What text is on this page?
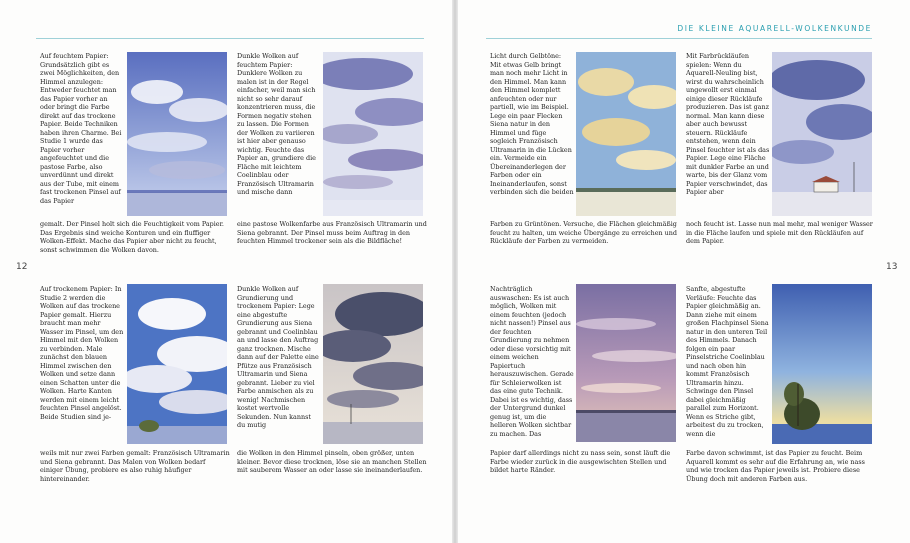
DIE KLEINE AQUARELL-WOLKENKUNDE
12	13
Auf feuchtem Papier: Grundsätzlich gibt es zwei Möglichkeiten, den Himmel anzulegen: Entweder feuchtet man das Papier vorher an oder bringt die Farbe direkt auf das trockene Papier. Beide Techniken haben ihren Charme. Bei Studie 1 wurde das Papier vorher angefeuchtet und die pastose Farbe, also unverdünnt und direkt aus der Tube, mit einem fast trockenen Pinsel auf das Papier
gemalt. Der Pinsel holt sich die Feuchtigkeit vom Papier. Das Ergebnis sind weiche Konturen und ein fluffiger Wolken-Effekt. Mache das Papier aber nicht zu feucht, sonst schwimmen die Wolken davon.
Dunkle Wolken auf feuchtem Papier: Dunklere Wolken zu malen ist in der Regel einfacher, weil man sich nicht so sehr darauf konzentrieren muss, die Formen negativ stehen zu lassen. Die Formen der Wolken zu variieren ist hier aber genauso wichtig. Feuchte das Papier an, grundiere die Fläche mit leichtem Coelinblau oder Französisch Ultramarin und mische dann
eine pastose Wolkenfarbe aus Französisch Ultramarin und Siena gebrannt. Der Pinsel muss beim Auftrag in den feuchten Himmel trockener sein als die Bildfläche!
Auf trockenem Papier: In Studie 2 werden die Wolken auf das trockene Papier gemalt. Hierzu braucht man mehr Wasser im Pinsel, um den Himmel mit den Wolken zu verbinden. Male zunächst den blauen Himmel zwischen den Wolken und setze dann einen Schatten unter die Wolken. Harte Kanten werden mit einem leicht feuchten Pinsel angelöst. Beide Studien sind je-
weils mit nur zwei Farben gemalt: Französisch Ultramarin und Siena gebrannt. Das Malen von Wolken bedarf einiger Übung, probiere es also ruhig häufiger hintereinander.
Dunkle Wolken auf Grundierung und trockenem Papier: Lege eine abgestufte Grundierung aus Siena gebrannt und Coelinblau an und lasse den Auftrag ganz trocknen. Mische dann auf der Palette eine Pfütze aus Französisch Ultramarin und Siena gebrannt. Lieber zu viel Farbe anmischen als zu wenig! Nachmischen kostet wertvolle Sekunden. Nun kannst du mutig
die Wolken in den Himmel pinseln, oben größer, unten kleiner. Bevor diese trocknen, löse sie an manchen Stellen mit sauberem Wasser an oder lasse sie ineinanderlaufen.
Licht durch Gelbtöne: Mit etwas Gelb bringt man noch mehr Licht in den Himmel. Man kann den Himmel komplett anfeuchten oder nur partiell, wie im Beispiel. Lege ein paar Flecken Siena natur in den Himmel und füge sogleich Französisch Ultramarin in die Lücken ein. Vermeide ein Übereinanderlegen der Farben oder ein Ineinanderlaufen, sonst verbinden sich die beiden
Farben zu Grüntönen. Versuche, die Flächen gleichmäßig feucht zu halten, um weiche Übergänge zu erreichen und Rückläufe der Farben zu vermeiden.
Mit Farbrückläufen spielen: Wenn du Aquarell-Neuling bist, wirst du wahrscheinlich ungewollt erst einmal einige dieser Rückläufe produzieren. Das ist ganz normal. Man kann diese aber auch bewusst steuern. Rückläufe entstehen, wenn dein Pinsel feuchter ist als das Papier. Lege eine Fläche mit dunkler Farbe an und warte, bis der Glanz vom Papier verschwindet, das Papier aber
noch feucht ist. Lasse nun mal mehr, mal weniger Wasser in die Fläche laufen und spiele mit den Rückläufen auf dem Papier.
Nachträglich auswaschen: Es ist auch möglich, Wolken mit einem feuchten (jedoch nicht nassen!) Pinsel aus der feuchten Grundierung zu nehmen oder diese vorsichtig mit einem weichen Papiertuch herauszuwischen. Gerade für Schleierwolken ist das eine gute Technik. Dabei ist es wichtig, dass der Untergrund dunkel genug ist, um die helleren Wolken sichtbar zu machen. Das
Papier darf allerdings nicht zu nass sein, sonst läuft die Farbe wieder zurück in die ausgewischten Stellen und bildet harte Ränder.
Sanfte, abgestufte Verläufe: Feuchte das Papier gleichmäßig an. Dann ziehe mit einem großen Flachpinsel Siena natur in den unteren Teil des Himmels. Danach folgen ein paar Pinselstriche Coelinblau und nach oben hin kommt Französisch Ultramarin hinzu. Schwinge den Pinsel dabei gleichmäßig parallel zum Horizont. Wenn es Striche gibt, arbeitest du zu trocken, wenn die
Farbe davon schwimmt, ist das Papier zu feucht. Beim Aquarell kommt es sehr auf die Erfahrung an, wie nass und wie trocken das Papier jeweils ist. Probiere diese Übung doch mit anderen Farben aus.
